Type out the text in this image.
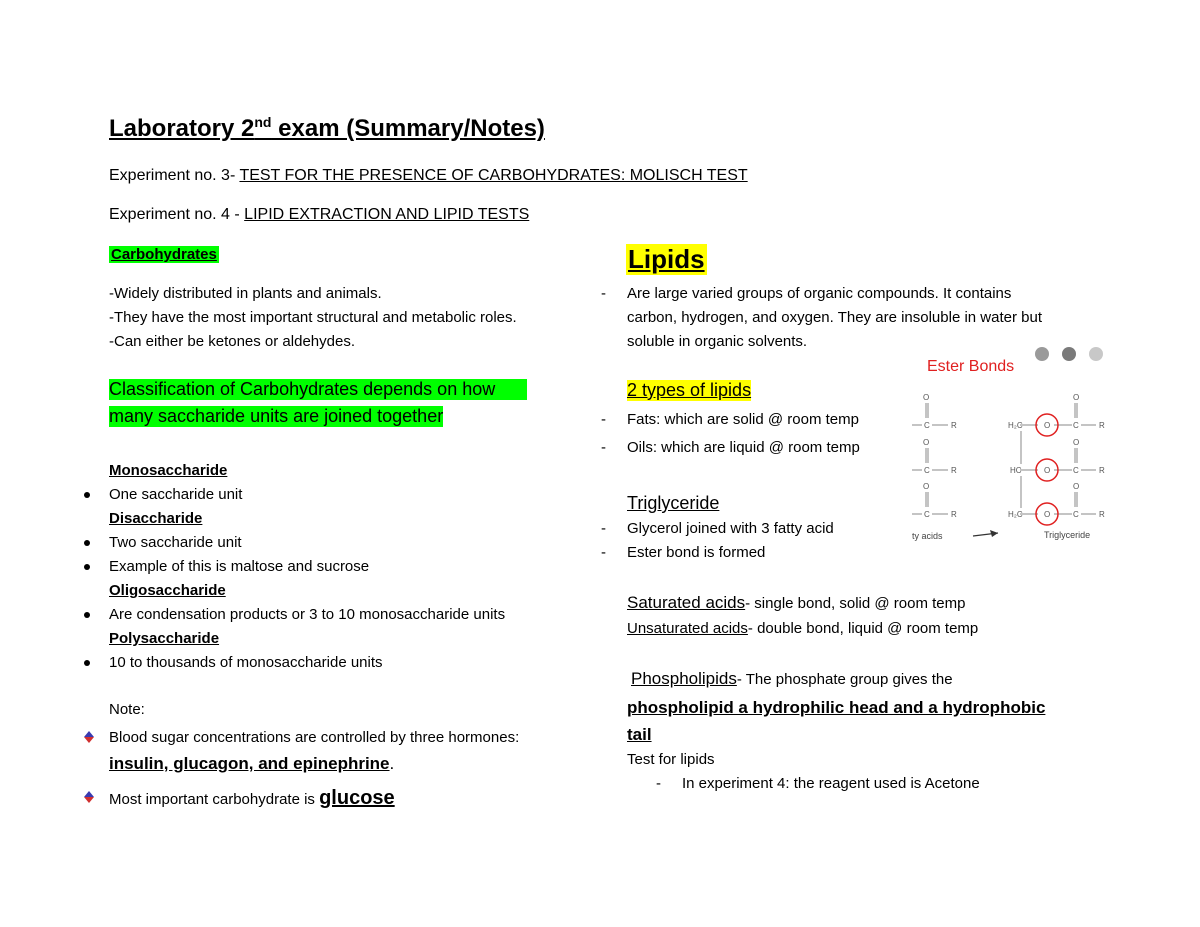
Laboratory 2nd exam (Summary/Notes)
Experiment no. 3- TEST FOR THE PRESENCE OF CARBOHYDRATES: MOLISCH TEST
Experiment no. 4 - LIPID EXTRACTION AND LIPID TESTS
Carbohydrates
-Widely distributed in plants and animals.
-They have the most important structural and metabolic roles.
-Can either be ketones or aldehydes.
Classification of Carbohydrates depends on how
many saccharide units are joined together
Monosaccharide
One saccharide unit
Disaccharide
Two saccharide unit
Example of this is maltose and sucrose
Oligosaccharide
Are condensation products or 3 to 10 monosaccharide units
Polysaccharide
10 to thousands of monosaccharide units
Note:
Blood sugar concentrations are controlled by three hormones:
insulin, glucagon, and epinephrine.
Most important carbohydrate is glucose
Lipids
- Are large varied groups of organic compounds. It contains
carbon, hydrogen, and oxygen. They are insoluble in water but
soluble in organic solvents.
2 types of lipids
- Fats: which are solid @ room temp
- Oils: which are liquid @ room temp
Triglyceride
- Glycerol joined with 3 fatty acid
- Ester bond is formed
Saturated acids- single bond, solid @ room temp
Unsaturated acids- double bond, liquid @ room temp
Phospholipids- The phosphate group gives the
phospholipid a hydrophilic head and a hydrophobic
tail
Test for lipids
- In experiment 4: the reagent used is Acetone
Ester Bonds
O
C	R
O
C	R
O
C	R
H₂C	O	C	R
O
HC	O	C	R
O
H₂C	O	C	R
O
ty acids	Triglyceride
